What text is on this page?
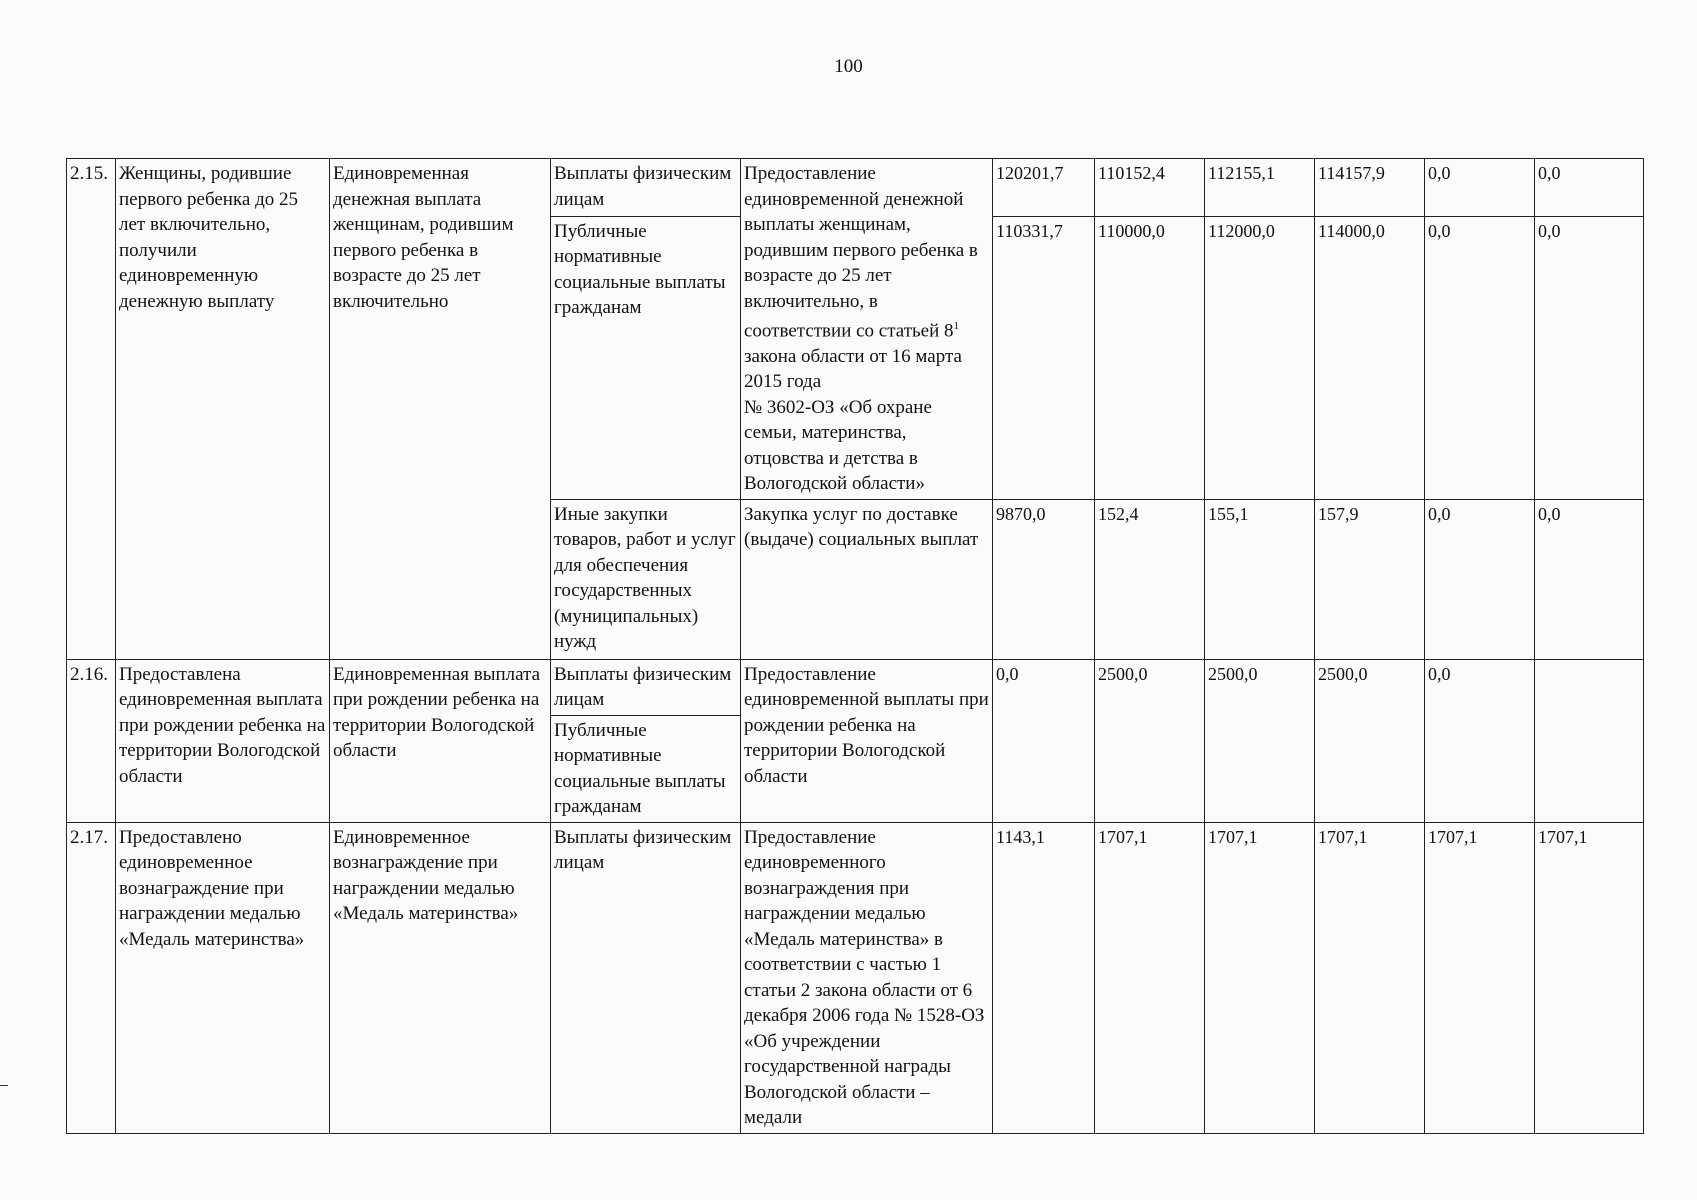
100
2.15.	Женщины, родившие первого ребенка до 25 лет включительно, получили единовременную денежную выплату	Единовременная денежная выплата женщинам, родившим первого ребенка в возрасте до 25 лет включительно	Выплаты физическим лицам	Предоставление единовременной денежной выплаты женщинам, родившим первого ребенка в возрасте до 25 лет включительно, в соответствии со статьей $8^1$ закона области от 16 марта 2015 года
№ 3602-ОЗ «Об охране семьи, материнства, отцовства и детства в Вологодской области»	120201,7	110152,4	112155,1	114157,9	0,0	0,0
			Публичные нормативные социальные выплаты гражданам		110331,7	110000,0	112000,0	114000,0	0,0	0,0
			Иные закупки товаров, работ и услуг для обеспечения государственных (муниципальных) нужд	Закупка услуг по доставке (выдаче) социальных выплат	9870,0	152,4	155,1	157,9	0,0	0,0
2.16.	Предоставлена единовременная выплата при рождении ребенка на территории Вологодской области	Единовременная выплата при рождении ребенка на территории Вологодской области	Выплаты физическим лицам	Предоставление единовременной выплаты при рождении ребенка на территории Вологодской области	0,0	2500,0	2500,0	2500,0	0,0	
			Публичные нормативные социальные выплаты гражданам							
2.17.	Предоставлено единовременное вознаграждение при награждении медалью «Медаль материнства»	Единовременное вознаграждение при награждении медалью «Медаль материнства»	Выплаты физическим лицам	Предоставление единовременного вознаграждения при награждении медалью «Медаль материнства» в соответствии с частью 1 статьи 2 закона области от 6 декабря 2006 года № 1528-ОЗ «Об учреждении государственной награды Вологодской области – медали	1143,1	1707,1	1707,1	1707,1	1707,1	1707,1
